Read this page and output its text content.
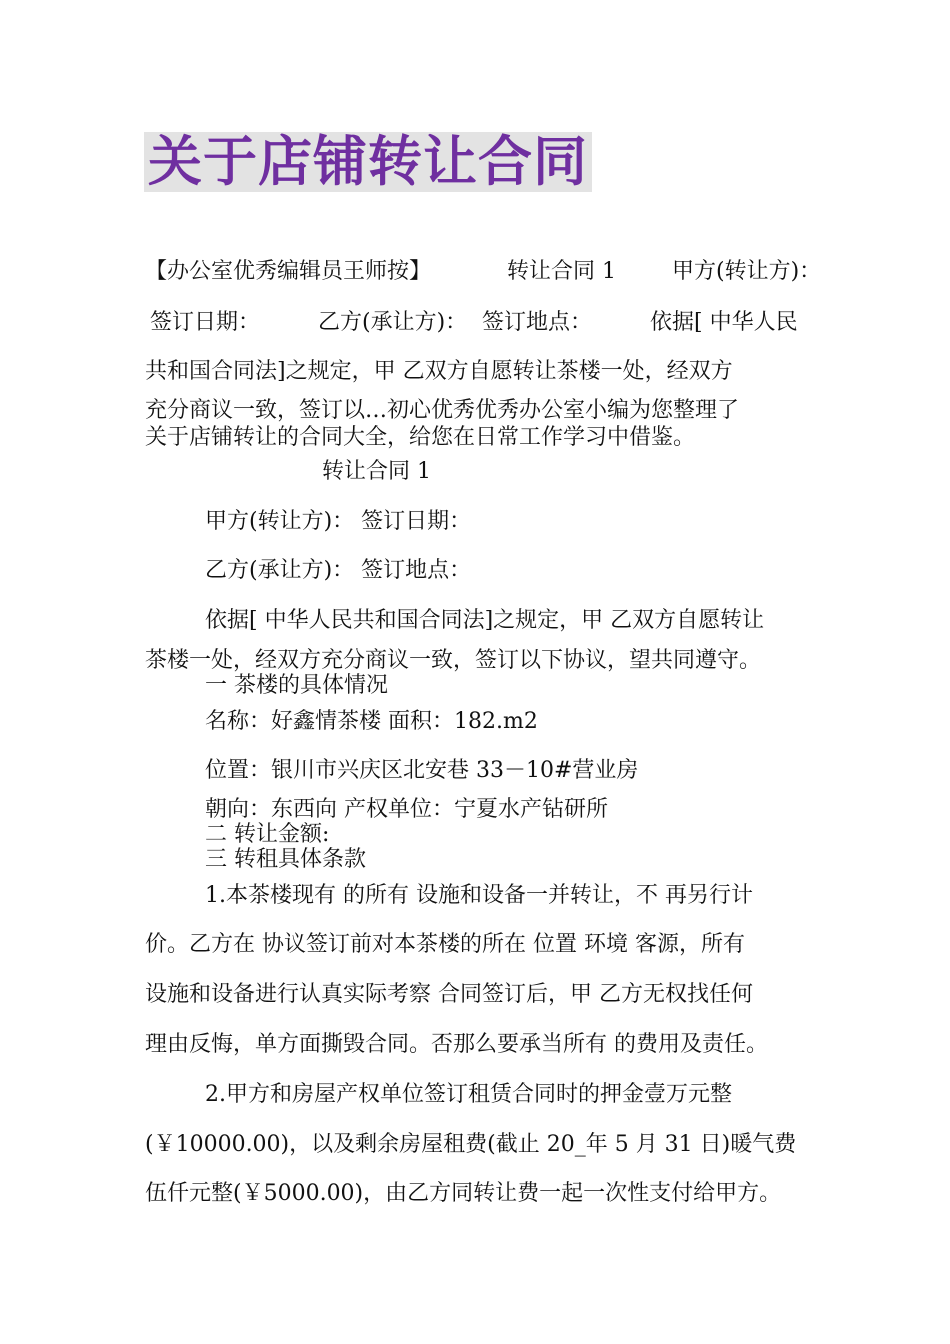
关于店铺转让合同
【办公室优秀编辑员王师按】	转让合同 1	甲方(转让方)：
签订日期：	乙方(承让方)： 签订地点：	依据[ 中华人民
共和国合同法]之规定，甲 乙双方自愿转让茶楼一处，经双方
充分商议一致，签订以…初心优秀优秀办公室小编为您整理了
关于店铺转让的合同大全，给您在日常工作学习中借鉴。
转让合同 1
甲方(转让方)： 签订日期：
乙方(承让方)： 签订地点：
依据[ 中华人民共和国合同法]之规定，甲 乙双方自愿转让
茶楼一处，经双方充分商议一致，签订以下协议，望共同遵守。
一 茶楼的具体情况
名称：好鑫情茶楼 面积：182.m2
位置：银川市兴庆区北安巷 33－10#营业房
朝向：东西向 产权单位：宁夏水产钻研所
二 转让金额:
三 转租具体条款
1.本茶楼现有 的所有 设施和设备一并转让，不 再另行计
价。乙方在 协议签订前对本茶楼的所在 位置 环境 客源，所有
设施和设备进行认真实际考察 合同签订后，甲 乙方无权找任何
理由反悔，单方面撕毁合同。否那么要承当所有 的费用及责任。
2.甲方和房屋产权单位签订租赁合同时的押金壹万元整
(￥10000.00)，以及剩余房屋租费(截止 20_年 5 月 31 日)暖气费
伍仟元整(￥5000.00)，由乙方同转让费一起一次性支付给甲方。
